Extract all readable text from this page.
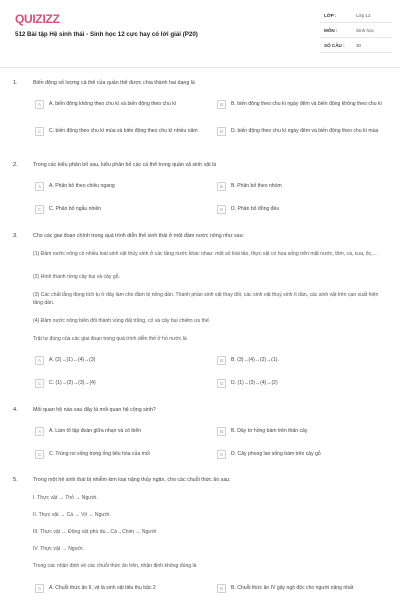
QUIZIZZ
512 Bài tập Hệ sinh thái - Sinh học 12 cực hay có lời giải (P20)
LỚP :	Lớp 12
MÔN :	Sinh học
SỐ CÂU :	30
1.	Biến động số lượng cá thể của quần thể được chia thành hai dạng là
A	A. biến động không theo chu kì và biến động theo chu kì	B	B. biến động theo chu kì ngày đêm và biến động không theo chu kì
C	C. biến động theo chu kì mùa và biến động theo chu kì nhiều năm	D	D. biến động theo chu kì ngày đêm và biến động theo chu kì mùa
2.	Trong các kiểu phân bố sau, kiểu phân bố các cá thể trong quần xã sinh vật là
A	A. Phân bố theo chiều ngang	B	B. Phân bố theo nhóm
C	C. Phân bố ngẫu nhiên	D	D. Phân bố đồng đều
3.	Cho các giai đoạn chính trong quá trình diễn thế sinh thái ở một đầm nước nông như sau:
(1) Đầm nước nông có nhiều loài sinh vật thủy sinh ở các tầng nước khác nhau: một số loài tảo, thực vật có hoa sống trên mặt nước, tôm, cá, cua, ốc,...
(2) Hình thành rừng cây bụi và cây gỗ.
(3) Các chất lắng đọng tích tụ ở đáy làm cho đầm bị nông dần. Thành phần sinh vật thay đổi, các sinh vật thuỷ sinh ít dần, các sinh vật trên cạn xuất hiện tăng dần.
(4) Đầm nước nông biến đổi thành vùng đất trũng, cỏ và cây bụi chiếm ưu thế.
Trật tự đúng của các giai đoạn trong quá trình diễn thế ở hồ nước là
A	A. (2)→(1)→(4)→(3)	B	B. (3)→(4)→(2)→(1).
C	C. (1)→(2)→(3)→(4)	D	D. (1)→(3)→(4)→(2)
4.	Mối quan hệ nào sau đây là mối quan hệ cộng sinh?
A	A. Làm tổ tập đoàn giữa nhạn và cò biển	B	B. Dây tơ hồng bám trên thân cây
C	C. Trùng roi sống trong ống tiêu hóa của mối	D	D. Cây phong lan sống bám trên cây gỗ
5.	Trong một hệ sinh thái bị nhiễm kim loại nặng thủy ngân, cho các chuỗi thức ăn sau:
I. Thực vật → Thỏ → Người.
II. Thực vật → Cá → Vịt → Người.
III. Thực vật → Động vật phù du→Cá→Chim → Người
IV. Thực vật → Người.
Trong các nhận định về các chuỗi thức ăn trên, nhận định không đúng là
A	A. Chuỗi thức ăn II, vịt là sinh vật tiêu thụ bậc 2	B	B. Chuỗi thức ăn IV gây ngộ độc cho người nặng nhất
